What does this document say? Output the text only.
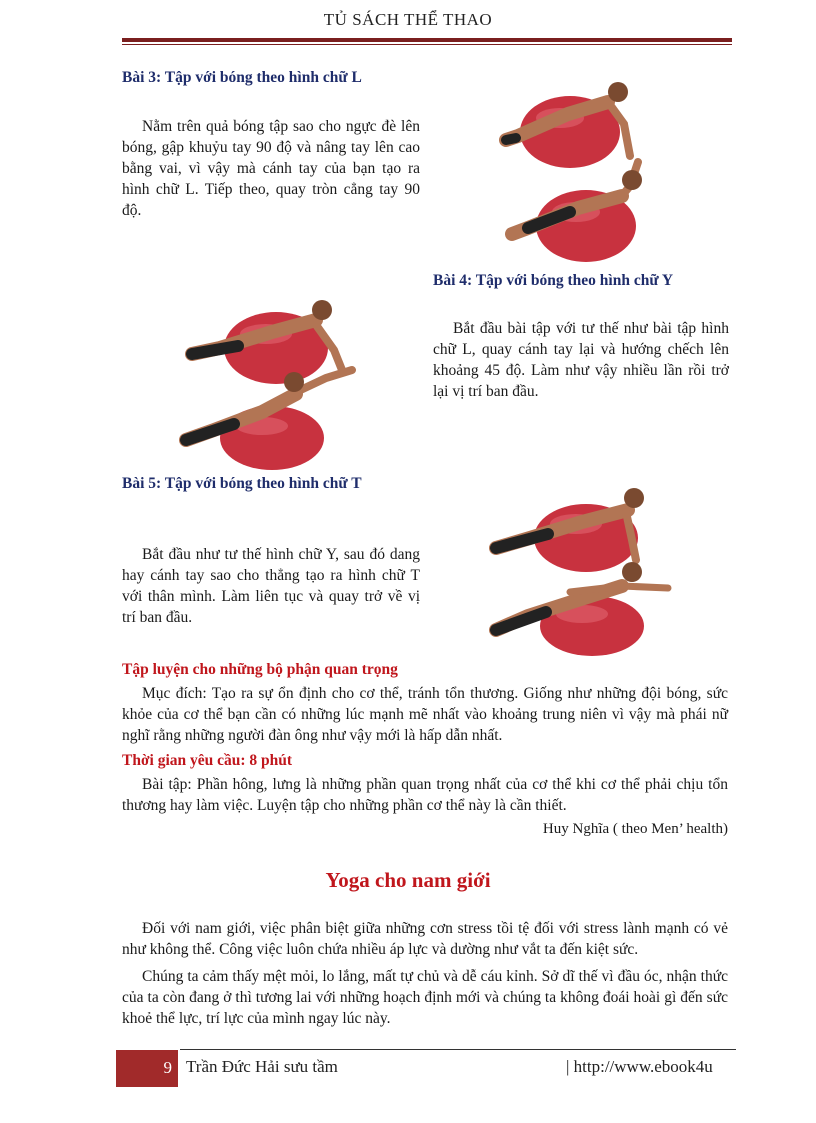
TỦ SÁCH THỂ THAO
Bài 3: Tập với bóng theo hình chữ L
Nằm trên quả bóng tập sao cho ngực đè lên bóng, gập khuỷu tay 90 độ và nâng tay lên cao bằng vai, vì vậy mà cánh tay của bạn tạo ra hình chữ L. Tiếp theo, quay tròn cẳng tay 90 độ.
Bài 4: Tập với bóng theo hình chữ Y
Bắt đầu bài tập với tư thế như bài tập hình chữ L, quay cánh tay lại và hướng chếch lên khoảng 45 độ. Làm như vậy nhiều lần rồi trở lại vị trí ban đầu.
Bài 5: Tập với bóng theo hình chữ T
Bắt đầu như tư thế hình chữ Y, sau đó dang hay cánh tay sao cho thẳng tạo ra hình chữ T với thân mình. Làm liên tục và quay trở về vị trí ban đầu.
Tập luyện cho những bộ phận quan trọng
Mục đích: Tạo ra sự ổn định cho cơ thể, tránh tổn thương. Giống như những đội bóng, sức khỏe của cơ thể bạn cần có những lúc mạnh mẽ nhất vào khoảng trung niên vì vậy mà phái nữ nghĩ rằng những người đàn ông như vậy mới là hấp dẫn nhất.
Thời gian yêu cầu: 8 phút
Bài tập: Phần hông, lưng là những phần quan trọng nhất của cơ thể khi cơ thể phải chịu tổn thương hay làm việc. Luyện tập cho những phần cơ thể này là cần thiết.
Huy Nghĩa ( theo Men’ health)
Yoga cho nam giới
Đối với nam giới, việc phân biệt giữa những cơn stress tồi tệ đối với stress lành mạnh có vẻ như không thể. Công việc luôn chứa nhiều áp lực và dường như vắt ta đến kiệt sức.
Chúng ta cảm thấy mệt mỏi, lo lắng, mất tự chủ và dễ cáu kỉnh. Sở dĩ thế vì đầu óc, nhận thức của ta còn đang ở thì tương lai với những hoạch định mới và chúng ta không đoái hoài gì đến sức khoẻ thể lực, trí lực của mình ngay lúc này.
9 Trần Đức Hải sưu tầm	| http://www.ebook4u
